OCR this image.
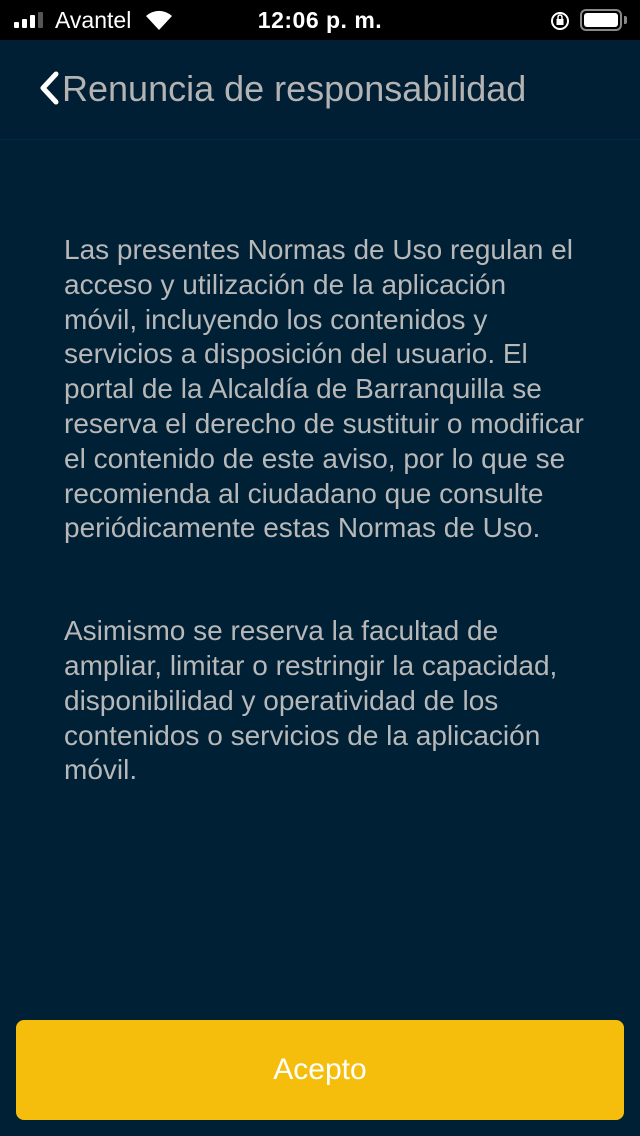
Avantel	12:06 p. m.
Renuncia de responsabilidad

Las presentes Normas de Uso regulan el acceso y utilización de la aplicación móvil, incluyendo los contenidos y servicios a disposición del usuario. El portal de la Alcaldía de Barranquilla se reserva el derecho de sustituir o modificar el contenido de este aviso, por lo que se recomienda al ciudadano que consulte periódicamente estas Normas de Uso.

Asimismo se reserva la facultad de ampliar, limitar o restringir la capacidad, disponibilidad y operatividad de los contenidos o servicios de la aplicación móvil.

Acepto
